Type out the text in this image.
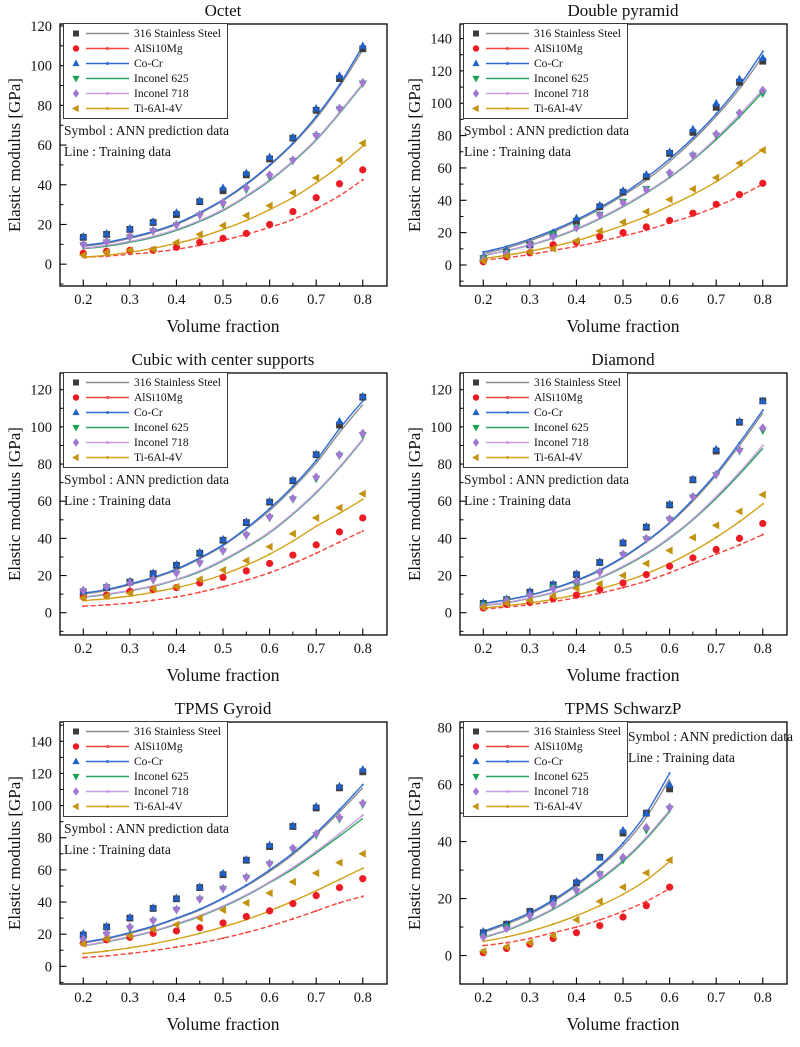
Octet
Elastic modulus [GPa]
0.2 0.3 0.4 0.5 0.6 0.7 0.8
0
20
40
60
80
100
120	316 Stainless Steel
AlSi10Mg
Co-Cr
Inconel 625
Inconel 718
Ti-6Al-4V
Symbol : ANN prediction data
Line : Training data
Volume fraction
Double pyramid
Elastic modulus [GPa]
0.2 0.3 0.4 0.5 0.6 0.7 0.8
0
20
40
60
80
100
120
140	316 Stainless Steel
AlSi10Mg
Co-Cr
Inconel 625
Inconel 718
Ti-6Al-4V
Symbol : ANN prediction data
Line : Training data
Volume fraction
Cubic with center supports
Elastic modulus [GPa]
0.2 0.3 0.4 0.5 0.6 0.7 0.8
0
20
40
60
80
100
120
316 Stainless Steel
AlSi10Mg
Co-Cr
Inconel 625
Inconel 718
Ti-6Al-4V
Symbol : ANN prediction data
Line : Training data
Volume fraction
Diamond
Elastic modulus [GPa]
0.2 0.3 0.4 0.5 0.6 0.7 0.8
0
20
40
60
80
100
120
316 Stainless Steel
AlSi10Mg
Co-Cr
Inconel 625
Inconel 718
Ti-6Al-4V
Symbol : ANN prediction data
Line : Training data
Volume fraction
TPMS Gyroid
Elastic modulus [GPa]
0.2 0.3 0.4 0.5 0.6 0.7 0.8
0
20
40
60
80
100
120
140
316 Stainless Steel
AlSi10Mg
Co-Cr
Inconel 625
Inconel 718
Ti-6Al-4V
Symbol : ANN prediction data
Line : Training data
Volume fraction
TPMS SchwarzP
Elastic modulus [GPa]
0.2 0.3 0.4 0.5 0.6 0.7 0.8
0
20
40
60
80	316 Stainless Steel
AlSi10Mg
Co-Cr
Inconel 625
Inconel 718
Ti-6Al-4V
Symbol : ANN prediction data
Line : Training data
Volume fraction
